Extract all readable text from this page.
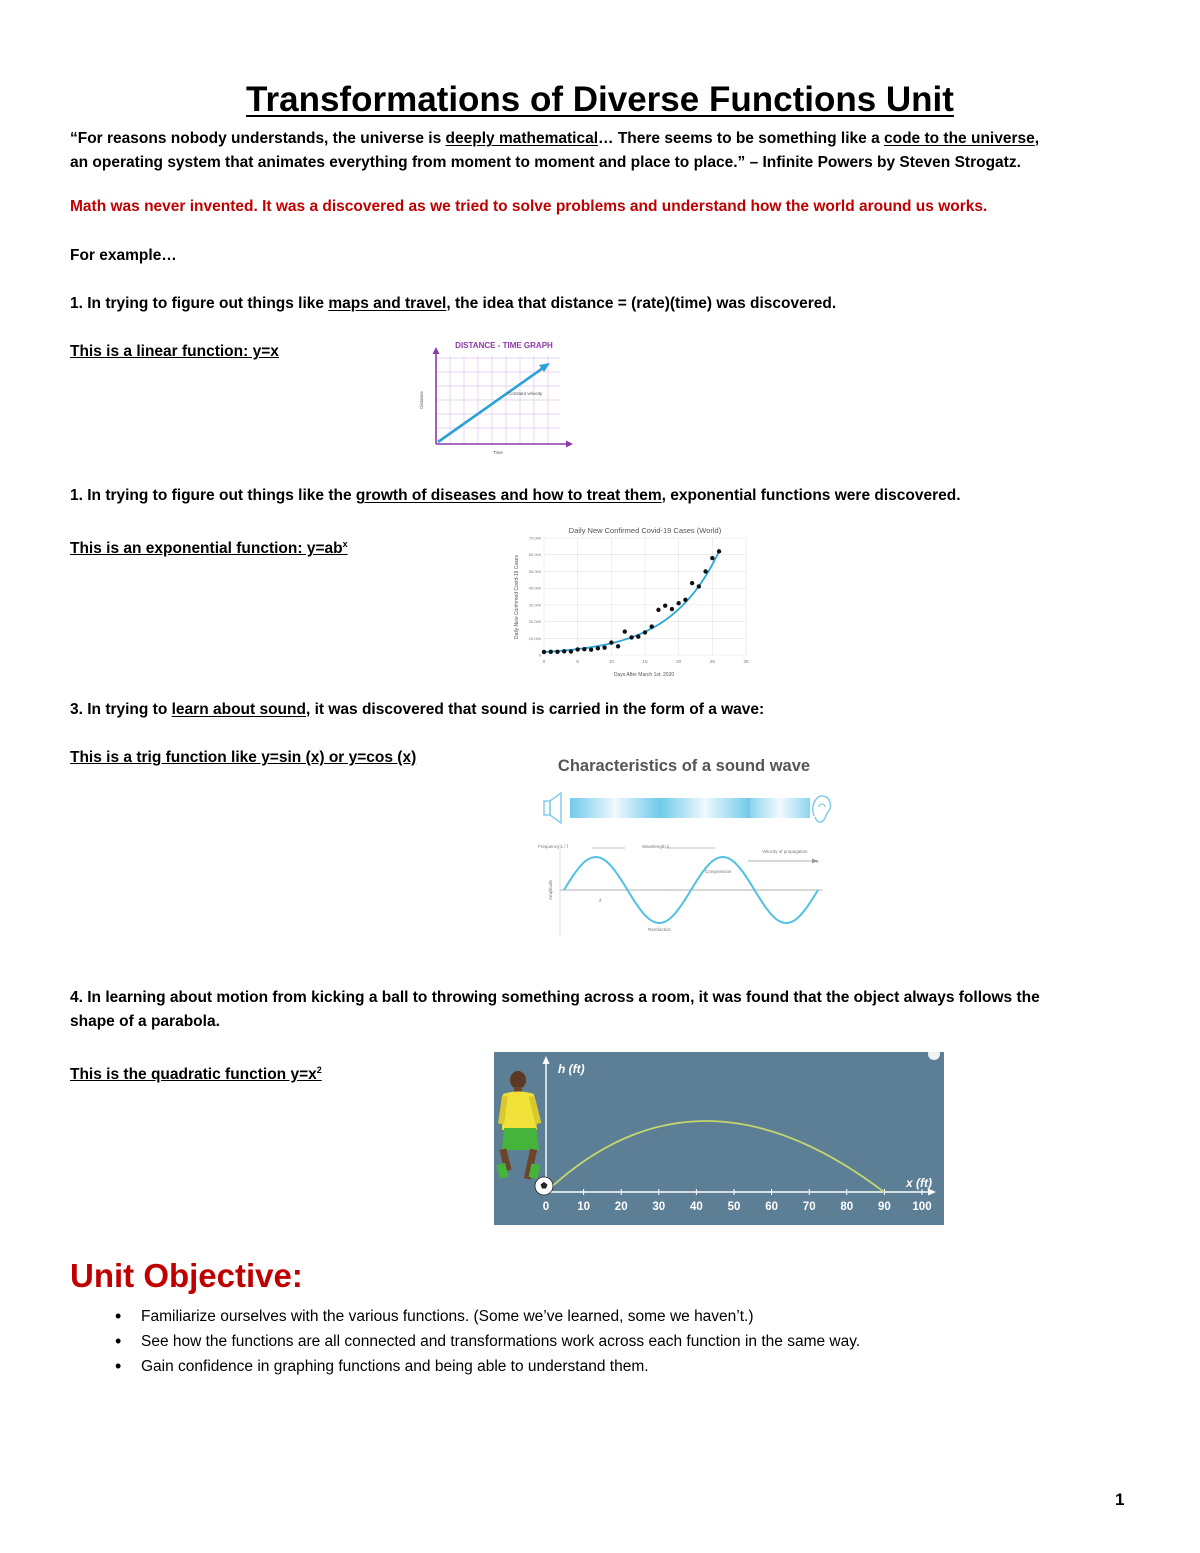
Transformations of Diverse Functions Unit
“For reasons nobody understands, the universe is deeply mathematical… There seems to be something like a code to the universe,
an operating system that animates everything from moment to moment and place to place.” – Infinite Powers by Steven Strogatz.
Math was never invented. It was a discovered as we tried to solve problems and understand how the world around us works.
For example…
1. In trying to figure out things like maps and travel, the idea that distance = (rate)(time) was discovered.
This is a linear function: y=x	DISTANCE - TIME GRAPH
Constant velocity
Distance
Time
1. In trying to figure out things like the growth of diseases and how to treat them, exponential functions were discovered.
This is an exponential function: $y=ab^x$
Daily New Confirmed Covid-19 Cases (World)
0
10,000
20,000
30,000
40,000
50,000
60,000
70,000
0	5	10	15	20	25	30
Days After March 1st, 2020
Daily New Confirmed Covid-19 Cases
3. In trying to learn about sound, it was discovered that sound is carried in the form of a wave:
This is a trig function like y=sin (x) or y=cos (x)	Characteristics of a sound wave
Frequency 1 / f	Wavelength λ
Velocity of propagation
v
Amplitude
Compression
Rarefaction
λ
4. In learning about motion from kicking a ball to throwing something across a room, it was found that the object always follows the
shape of a parabola.
This is the quadratic function $y=x^2$	h (ft)
x (ft)
0 10 20 30 40 50 60 70 80 90 100
Unit Objective:
• Familiarize ourselves with the various functions. (Some we’ve learned, some we haven’t.)
• See how the functions are all connected and transformations work across each function in the same way.
• Gain confidence in graphing functions and being able to understand them.
1
